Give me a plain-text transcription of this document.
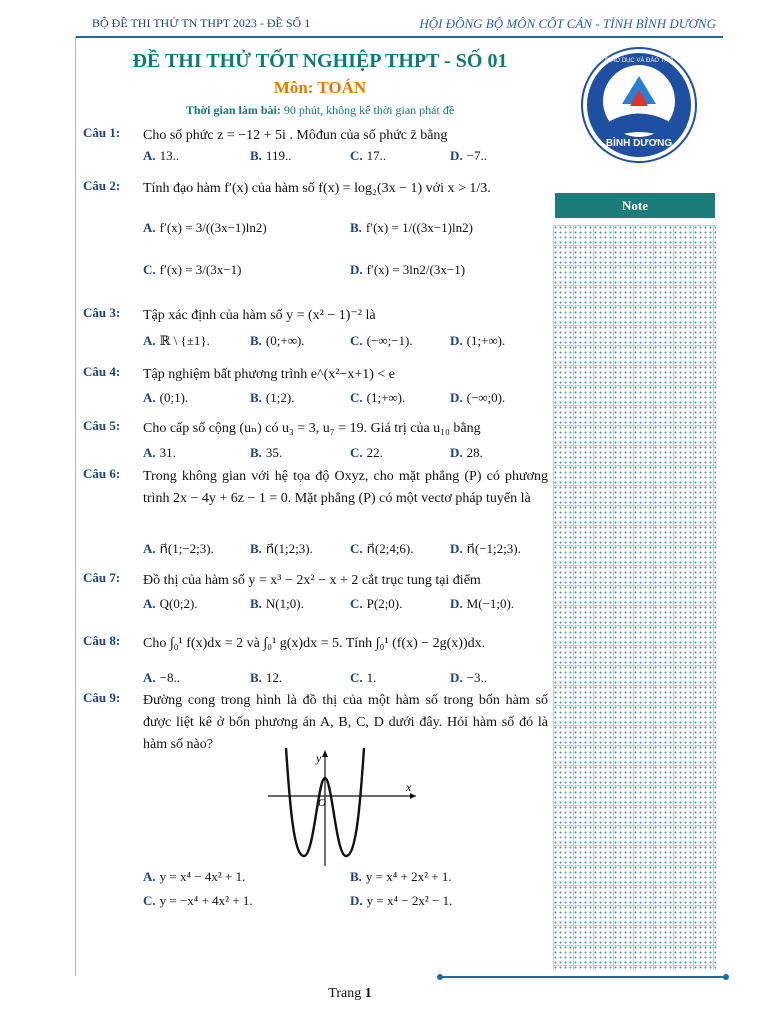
BỘ ĐỀ THI THỬ TN THPT 2023 - ĐỀ SỐ 1	HỘI ĐỒNG BỘ MÔN CỐT CÁN - TỈNH BÌNH DƯƠNG
ĐỀ THI THỬ TỐT NGHIỆP THPT - SỐ 01
Môn: TOÁN
Thời gian làm bài: 90 phút, không kể thời gian phát đề
BÌNH DƯƠNG
GIÁO DỤC VÀ ĐÀO TẠO
Note
Câu 1: Cho số phức z = −12 + 5i . Môđun của số phức z̄ bằng
A. 13..	B. 119..	C. 17..	D. −7..
Câu 2: Tính đạo hàm f′(x) của hàm số f(x) = log₂(3x − 1) với x > 1/3.
A. f′(x) = 3/((3x−1)ln2)	B. f′(x) = 1/((3x−1)ln2)
C. f′(x) = 3/(3x−1)	D. f′(x) = 3ln2/(3x−1)
Câu 3: Tập xác định của hàm số y = (x² − 1)⁻² là
A. ℝ \ {±1}.	B. (0;+∞).	C. (−∞;−1).	D. (1;+∞).
Câu 4: Tập nghiệm bất phương trình e^(x²−x+1) < e
A. (0;1).	B. (1;2).	C. (1;+∞).	D. (−∞;0).
Câu 5: Cho cấp số cộng (uₙ) có u₃ = 3, u₇ = 19. Giá trị của u₁₀ bằng
A. 31.	B. 35.	C. 22.	D. 28.
Câu 6: Trong không gian với hệ tọa độ Oxyz, cho mặt phẳng (P) có phương trình 2x − 4y + 6z − 1 = 0. Mặt phẳng (P) có một vectơ pháp tuyến là
A. n⃗(1;−2;3).	B. n⃗(1;2;3).	C. n⃗(2;4;6).	D. n⃗(−1;2;3).
Câu 7: Đồ thị của hàm số y = x³ − 2x² − x + 2 cắt trục tung tại điểm
A. Q(0;2).	B. N(1;0).	C. P(2;0).	D. M(−1;0).
Câu 8: Cho ∫₀¹ f(x)dx = 2 và ∫₀¹ g(x)dx = 5. Tính ∫₀¹ (f(x) − 2g(x))dx.
A. −8..	B. 12.	C. 1.	D. −3..
Câu 9: Đường cong trong hình là đồ thị của một hàm số trong bốn hàm số được liệt kê ở bốn phương án A, B, C, D dưới đây. Hỏi hàm số đó là hàm số nào?
x
y
O
A. y = x⁴ − 4x² + 1.	B. y = x⁴ + 2x² + 1.
C. y = −x⁴ + 4x² + 1.	D. y = x⁴ − 2x² − 1.
Trang 1
